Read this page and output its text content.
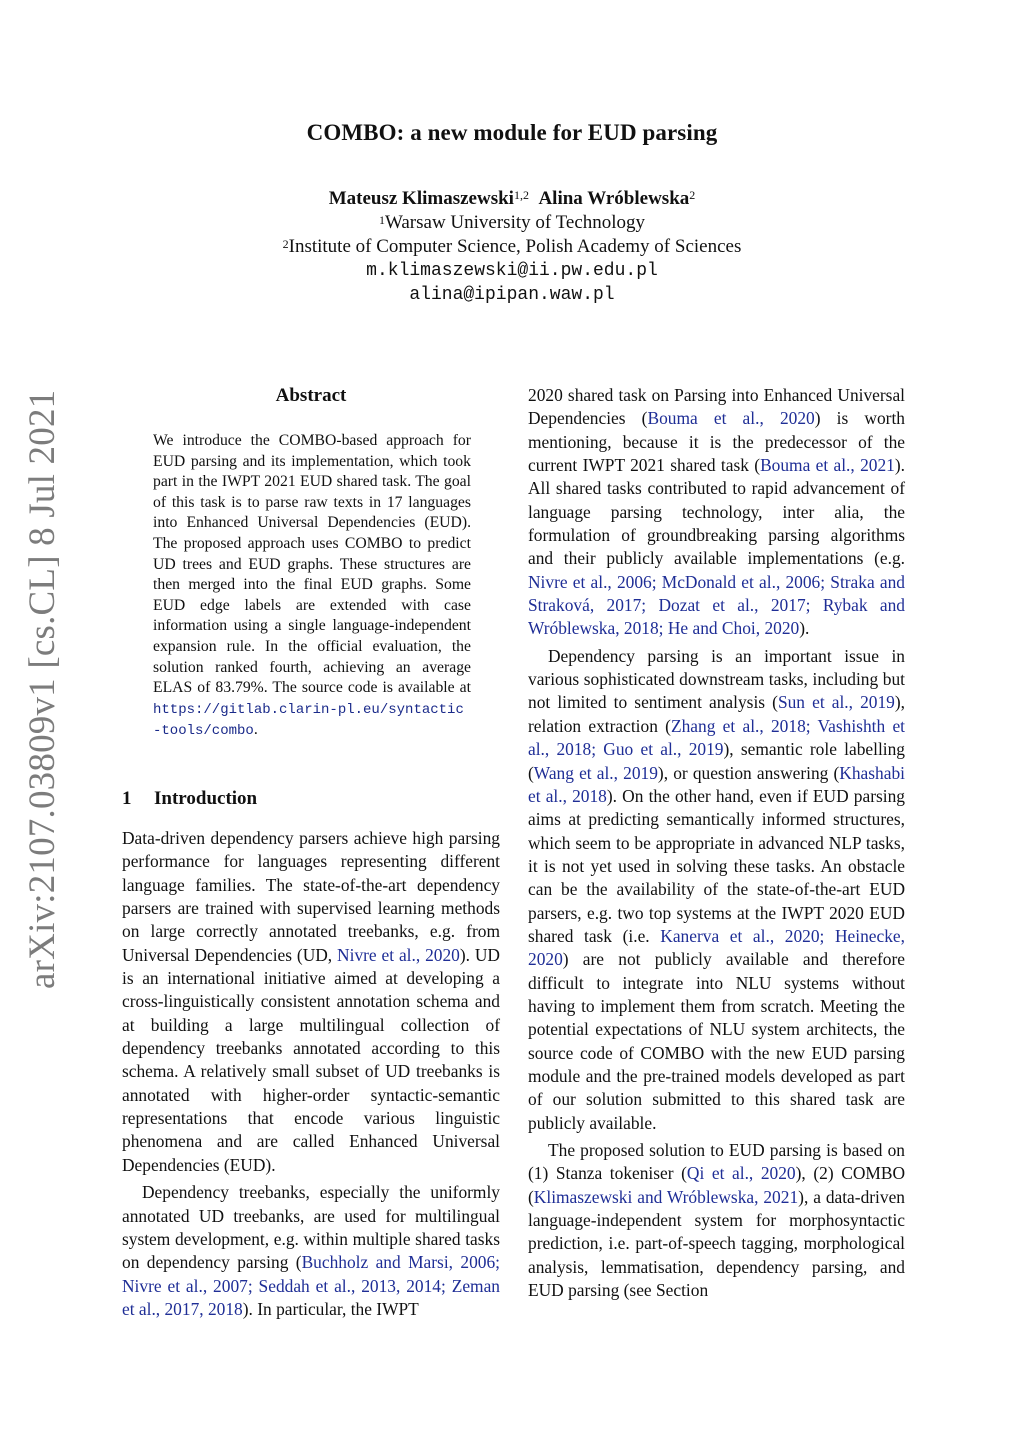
arXiv:2107.03809v1 [cs.CL] 8 Jul 2021
COMBO: a new module for EUD parsing
Mateusz Klimaszewski$^{1,2}$ Alina Wróblewska$^2$
$^1$Warsaw University of Technology
$^2$Institute of Computer Science, Polish Academy of Sciences
m.klimaszewski@ii.pw.edu.pl
alina@ipipan.waw.pl
Abstract
We introduce the COMBO-based approach for EUD parsing and its implementation, which took part in the IWPT 2021 EUD shared task. The goal of this task is to parse raw texts in 17 languages into Enhanced Universal Dependencies (EUD). The proposed approach uses COMBO to predict UD trees and EUD graphs. These structures are then merged into the final EUD graphs. Some EUD edge labels are extended with case information using a single language-independent expansion rule. In the official evaluation, the solution ranked fourth, achieving an average ELAS of 83.79%. The source code is available at https://gitlab.clarin-pl.eu/syntactic-tools/combo.
1 Introduction

Data-driven dependency parsers achieve high parsing performance for languages representing different language families. The state-of-the-art dependency parsers are trained with supervised learning methods on large correctly annotated treebanks, e.g. from Universal Dependencies (UD, Nivre et al., 2020). UD is an international initiative aimed at developing a cross-linguistically consistent annotation schema and at building a large multilingual collection of dependency treebanks annotated according to this schema. A relatively small subset of UD treebanks is annotated with higher-order syntactic-semantic representations that encode various linguistic phenomena and are called Enhanced Universal Dependencies (EUD).

Dependency treebanks, especially the uniformly annotated UD treebanks, are used for multilingual system development, e.g. within multiple shared tasks on dependency parsing (Buchholz and Marsi, 2006; Nivre et al., 2007; Seddah et al., 2013, 2014; Zeman et al., 2017, 2018). In particular, the IWPT

2020 shared task on Parsing into Enhanced Universal Dependencies (Bouma et al., 2020) is worth mentioning, because it is the predecessor of the current IWPT 2021 shared task (Bouma et al., 2021). All shared tasks contributed to rapid advancement of language parsing technology, inter alia, the formulation of groundbreaking parsing algorithms and their publicly available implementations (e.g. Nivre et al., 2006; McDonald et al., 2006; Straka and Straková, 2017; Dozat et al., 2017; Rybak and Wróblewska, 2018; He and Choi, 2020).

Dependency parsing is an important issue in various sophisticated downstream tasks, including but not limited to sentiment analysis (Sun et al., 2019), relation extraction (Zhang et al., 2018; Vashishth et al., 2018; Guo et al., 2019), semantic role labelling (Wang et al., 2019), or question answering (Khashabi et al., 2018). On the other hand, even if EUD parsing aims at predicting semantically informed structures, which seem to be appropriate in advanced NLP tasks, it is not yet used in solving these tasks. An obstacle can be the availability of the state-of-the-art EUD parsers, e.g. two top systems at the IWPT 2020 EUD shared task (i.e. Kanerva et al., 2020; Heinecke, 2020) are not publicly available and therefore difficult to integrate into NLU systems without having to implement them from scratch. Meeting the potential expectations of NLU system architects, the source code of COMBO with the new EUD parsing module and the pre-trained models developed as part of our solution submitted to this shared task are publicly available.

The proposed solution to EUD parsing is based on (1) Stanza tokeniser (Qi et al., 2020), (2) COMBO (Klimaszewski and Wróblewska, 2021), a data-driven language-independent system for morphosyntactic prediction, i.e. part-of-speech tagging, morphological analysis, lemmatisation, dependency parsing, and EUD parsing (see Section
